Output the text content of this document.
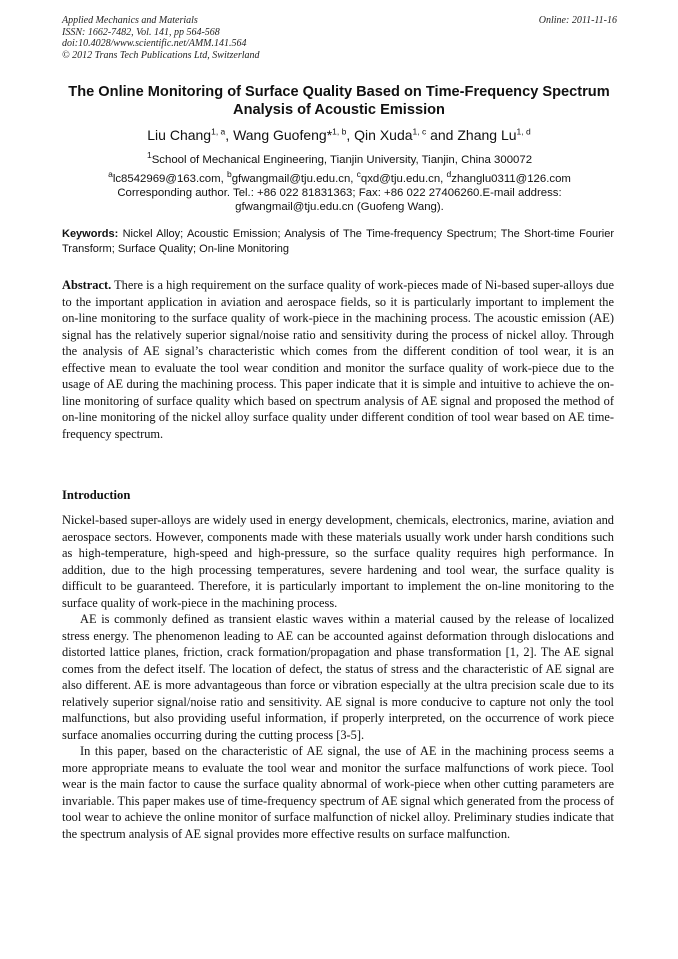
Applied Mechanics and Materials
ISSN: 1662-7482, Vol. 141, pp 564-568
doi:10.4028/www.scientific.net/AMM.141.564
© 2012 Trans Tech Publications Ltd, Switzerland
Online: 2011-11-16
The Online Monitoring of Surface Quality Based on Time-Frequency Spectrum Analysis of Acoustic Emission
Liu Chang$^{1, a}$, Wang Guofeng*$^{1, b}$, Qin Xuda$^{1, c}$ and Zhang Lu$^{1, d}$
$^1$School of Mechanical Engineering, Tianjin University, Tianjin, China 300072
$^a$lc8542969@163.com, $^b$gfwangmail@tju.edu.cn, $^c$qxd@tju.edu.cn, $^d$zhanglu0311@126.com
Corresponding author. Tel.: +86 022 81831363; Fax: +86 022 27406260.E-mail address: gfwangmail@tju.edu.cn (Guofeng Wang).
Keywords: Nickel Alloy; Acoustic Emission; Analysis of The Time-frequency Spectrum; The Short-time Fourier Transform; Surface Quality; On-line Monitoring
Abstract. There is a high requirement on the surface quality of work-pieces made of Ni-based super-alloys due to the important application in aviation and aerospace fields, so it is particularly important to implement the on-line monitoring to the surface quality of work-piece in the machining process. The acoustic emission (AE) signal has the relatively superior signal/noise ratio and sensitivity during the process of nickel alloy. Through the analysis of AE signal’s characteristic which comes from the different condition of tool wear, it is an effective mean to evaluate the tool wear condition and monitor the surface quality of work-piece due to the usage of AE during the machining process. This paper indicate that it is simple and intuitive to achieve the on-line monitoring of surface quality which based on spectrum analysis of AE signal and proposed the method of on-line monitoring of the nickel alloy surface quality under different condition of tool wear based on AE time-frequency spectrum.
Introduction

Nickel-based super-alloys are widely used in energy development, chemicals, electronics, marine, aviation and aerospace sectors. However, components made with these materials usually work under harsh conditions such as high-temperature, high-speed and high-pressure, so the surface quality requires high performance. In addition, due to the high processing temperatures, severe hardening and tool wear, the surface quality is difficult to be guaranteed. Therefore, it is particularly important to implement the on-line monitoring to the surface quality of work-piece in the machining process.

AE is commonly defined as transient elastic waves within a material caused by the release of localized stress energy. The phenomenon leading to AE can be accounted against deformation through dislocations and distorted lattice planes, friction, crack formation/propagation and phase transformation [1, 2]. The AE signal comes from the defect itself. The location of defect, the status of stress and the characteristic of AE signal are also different. AE is more advantageous than force or vibration especially at the ultra precision scale due to its relatively superior signal/noise ratio and sensitivity. AE signal is more conducive to capture not only the tool malfunctions, but also providing useful information, if properly interpreted, on the occurrence of work piece surface anomalies occurring during the cutting process [3-5].

In this paper, based on the characteristic of AE signal, the use of AE in the machining process seems a more appropriate means to evaluate the tool wear and monitor the surface malfunctions of work piece. Tool wear is the main factor to cause the surface quality abnormal of work-piece when other cutting parameters are invariable. This paper makes use of time-frequency spectrum of AE signal which generated from the process of tool wear to achieve the online monitor of surface malfunction of nickel alloy. Preliminary studies indicate that the spectrum analysis of AE signal provides more effective results on surface malfunction.
